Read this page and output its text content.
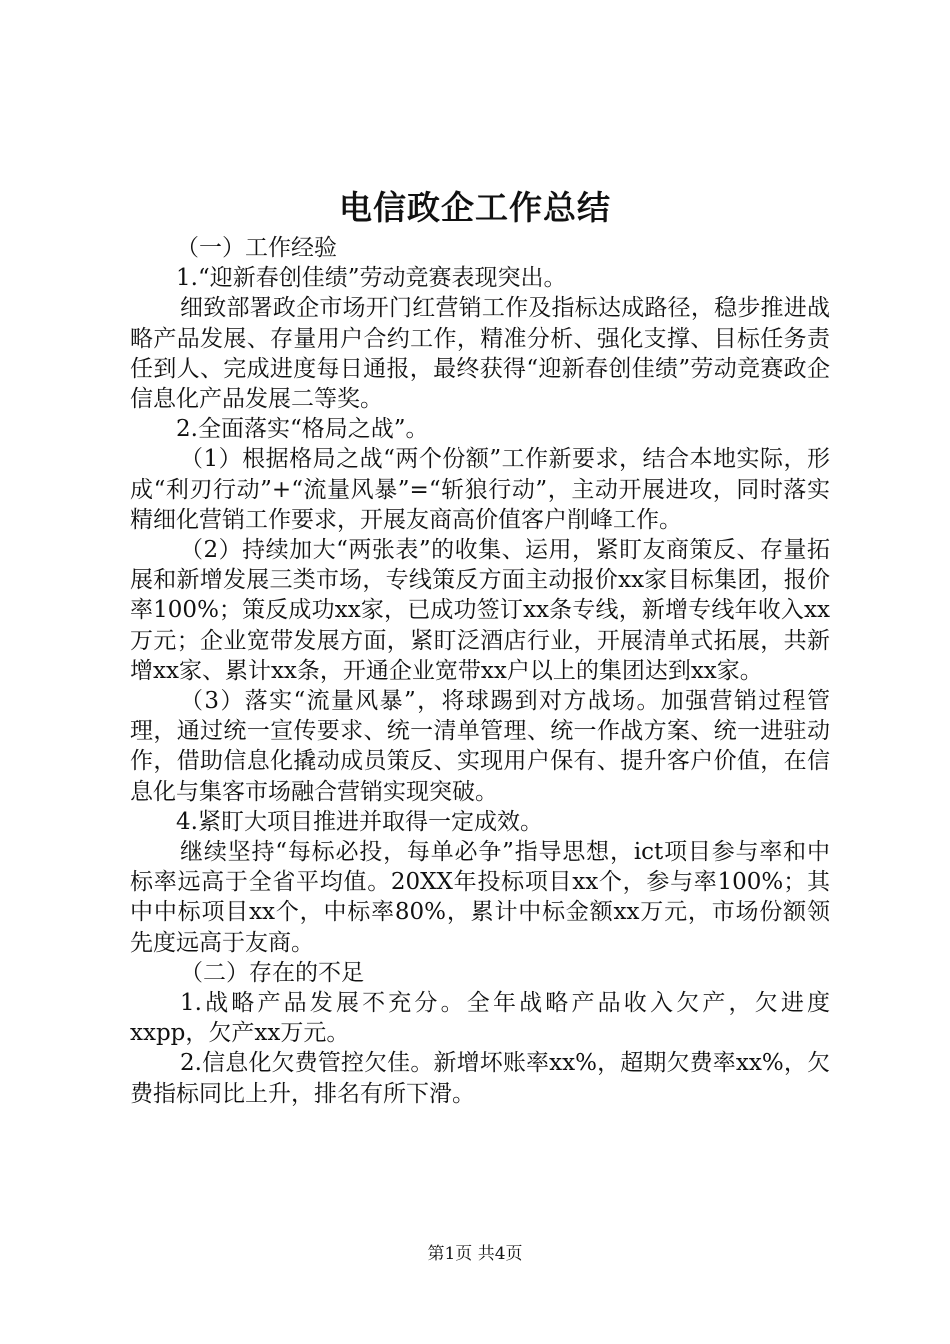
电信政企工作总结

（一）工作经验

1.“迎新春创佳绩”劳动竞赛表现突出。

细致部署政企市场开门红营销工作及指标达成路径，稳步推进战略产品发展、存量用户合约工作，精准分析、强化支撑、目标任务责任到人、完成进度每日通报，最终获得“迎新春创佳绩”劳动竞赛政企信息化产品发展二等奖。

2.全面落实“格局之战”。

（1）根据格局之战“两个份额”工作新要求，结合本地实际，形成“利刃行动”+“流量风暴”=“斩狼行动”，主动开展进攻，同时落实精细化营销工作要求，开展友商高价值客户削峰工作。

（2）持续加大“两张表”的收集、运用，紧盯友商策反、存量拓展和新增发展三类市场，专线策反方面主动报价xx家目标集团，报价率100%；策反成功xx家，已成功签订xx条专线，新增专线年收入xx万元；企业宽带发展方面，紧盯泛酒店行业，开展清单式拓展，共新增xx家、累计xx条，开通企业宽带xx户以上的集团达到xx家。

（3）落实“流量风暴”，将球踢到对方战场。加强营销过程管理，通过统一宣传要求、统一清单管理、统一作战方案、统一进驻动作，借助信息化撬动成员策反、实现用户保有、提升客户价值，在信息化与集客市场融合营销实现突破。

4.紧盯大项目推进并取得一定成效。

继续坚持“每标必投，每单必争”指导思想，ict项目参与率和中标率远高于全省平均值。20XX年投标项目xx个，参与率100%；其中中标项目xx个，中标率80%，累计中标金额xx万元，市场份额领先度远高于友商。

（二）存在的不足

1.战略产品发展不充分。全年战略产品收入欠产，欠进度xxpp，欠产xx万元。

2.信息化欠费管控欠佳。新增坏账率xx%，超期欠费率xx%，欠费指标同比上升，排名有所下滑。

第1页 共4页
